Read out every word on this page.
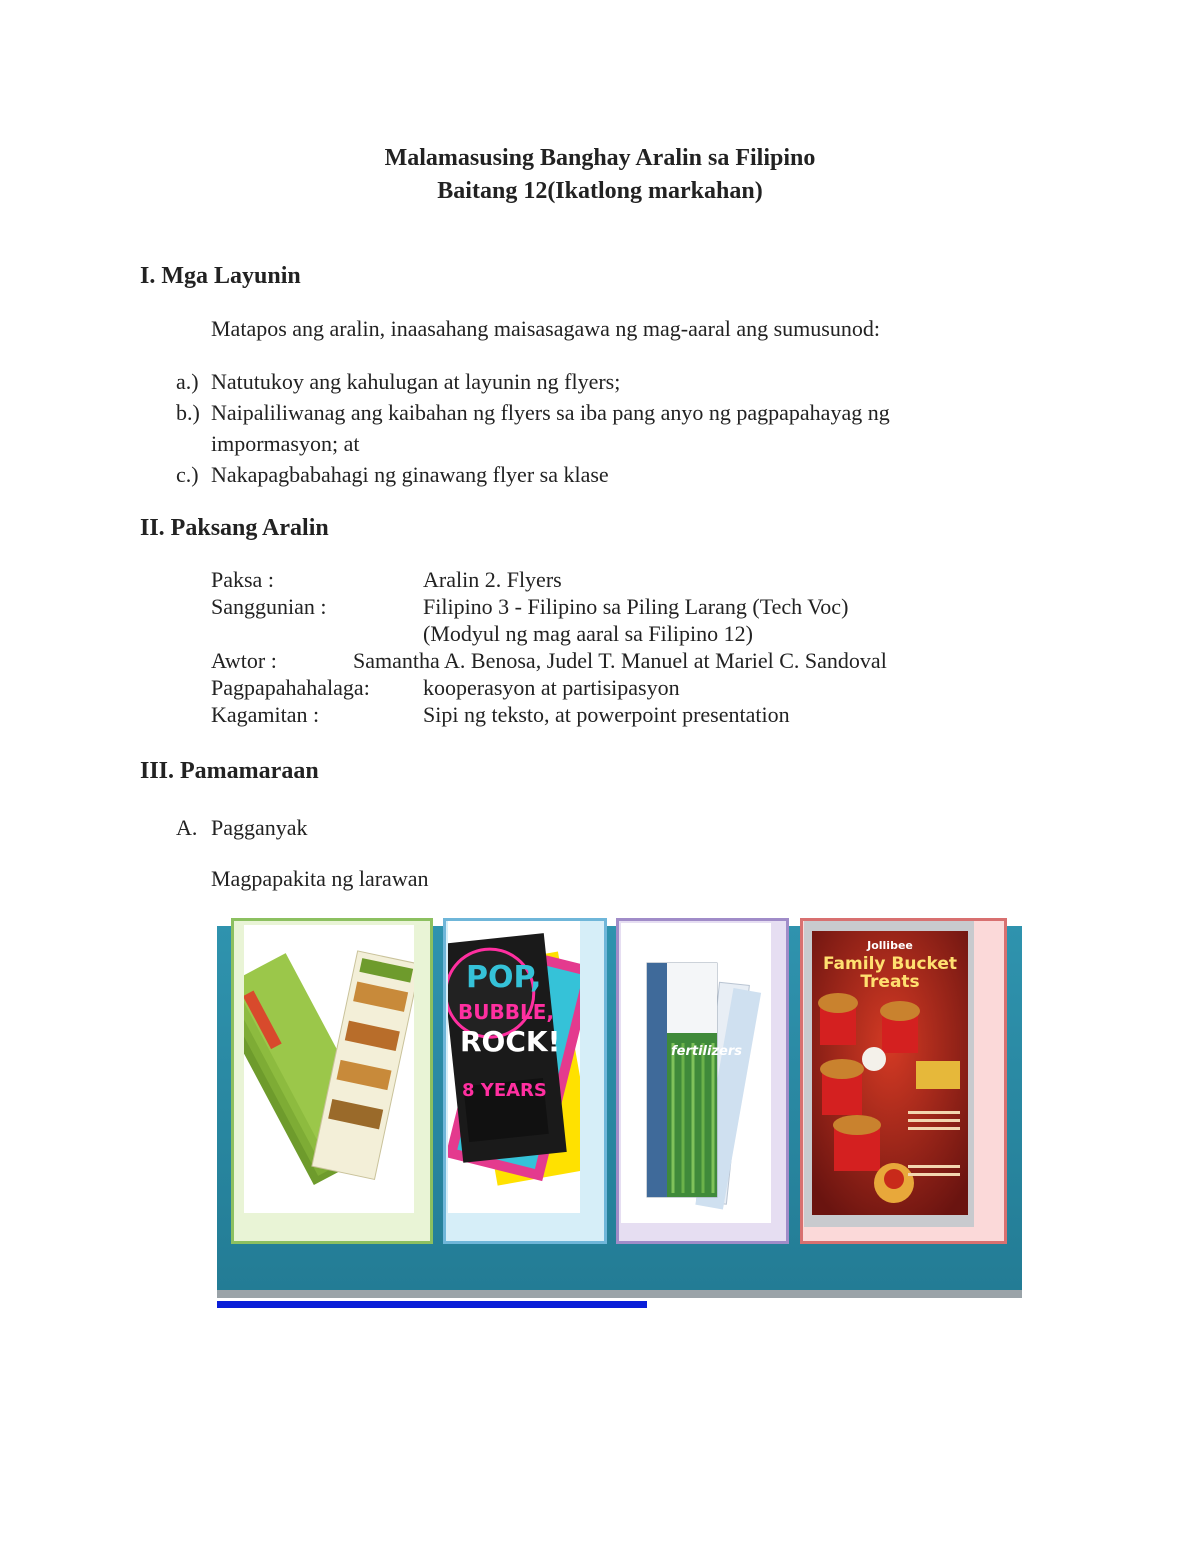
Malamasusing Banghay Aralin sa Filipino
Baitang 12(Ikatlong markahan)
I. Mga Layunin
Matapos ang aralin, inaasahang maisasagawa ng mag-aaral ang sumusunod:
a.) Natutukoy ang kahulugan at layunin ng flyers;
b.) Naipaliliwanag ang kaibahan ng flyers sa iba pang anyo ng pagpapahayag ng
impormasyon; at
c.) Nakapagbabahagi ng ginawang flyer sa klase
II. Paksang Aralin
Paksa :	Aralin 2. Flyers
Sanggunian :	Filipino 3 - Filipino sa Piling Larang (Tech Voc)
(Modyul ng mag aaral sa Filipino 12)
Awtor :	Samantha A. Benosa, Judel T. Manuel at Mariel C. Sandoval
Pagpapahahalaga: kooperasyon at partisipasyon
Kagamitan :	Sipi ng teksto, at powerpoint presentation
III. Pamamaraan
A. Pagganyak
Magpapakita ng larawan
POP,
BUBBLE,
ROCK!
8 YEARS
fertilizers
Jollibee
Family Bucket
Treats
